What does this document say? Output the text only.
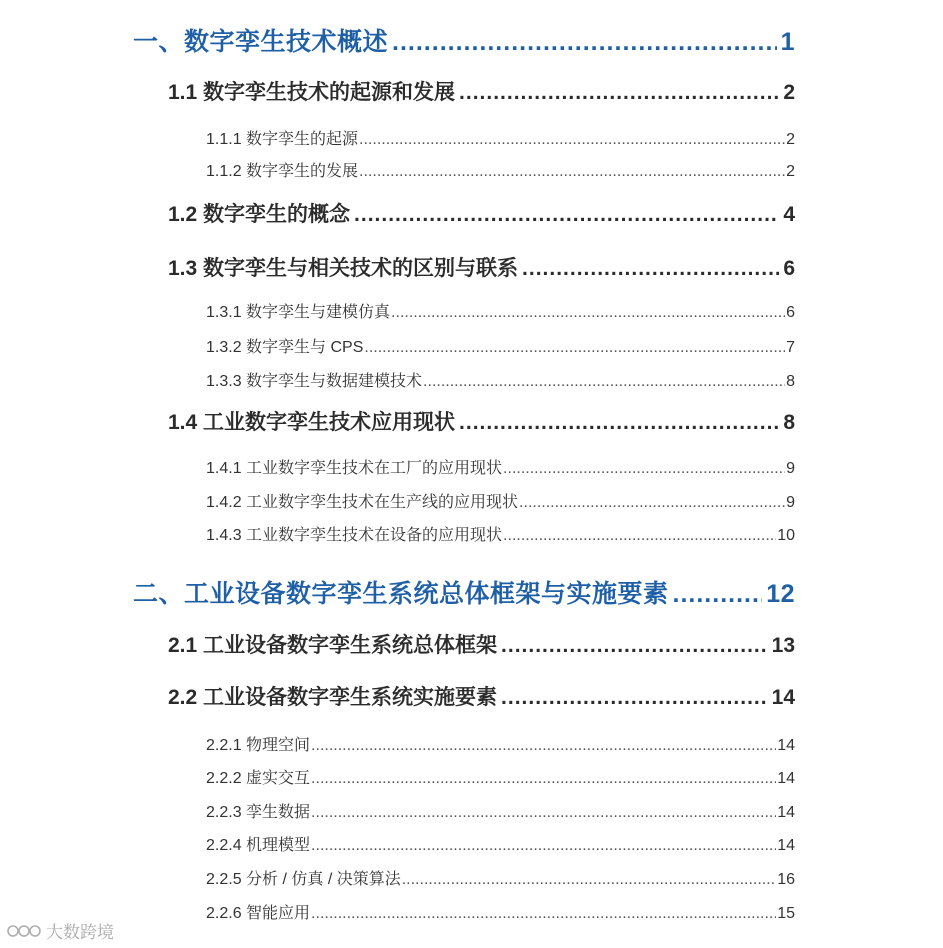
一、数字孪生技术概述 .....	1
1.1 数字孪生技术的起源和发展 .....	2
1.1.1 数字孪生的起源 .....	2
1.1.2 数字孪生的发展 .....	2
1.2 数字孪生的概念 .....	4
1.3 数字孪生与相关技术的区别与联系 .....	6
1.3.1 数字孪生与建模仿真 .....	6
1.3.2 数字孪生与 CPS .....	7
1.3.3 数字孪生与数据建模技术 .....	8
1.4 工业数字孪生技术应用现状 .....	8
1.4.1 工业数字孪生技术在工厂的应用现状 .....	9
1.4.2 工业数字孪生技术在生产线的应用现状 .....	9
1.4.3 工业数字孪生技术在设备的应用现状 .....	10
二、工业设备数字孪生系统总体框架与实施要素 .....	12
2.1 工业设备数字孪生系统总体框架 .....	13
2.2 工业设备数字孪生系统实施要素 .....	14
2.2.1 物理空间 .....	14
2.2.2 虚实交互 .....	14
2.2.3 孪生数据 .....	14
2.2.4 机理模型 .....	14
2.2.5 分析 / 仿真 / 决策算法 .....	16
2.2.6 智能应用 .....	15
大数跨境
